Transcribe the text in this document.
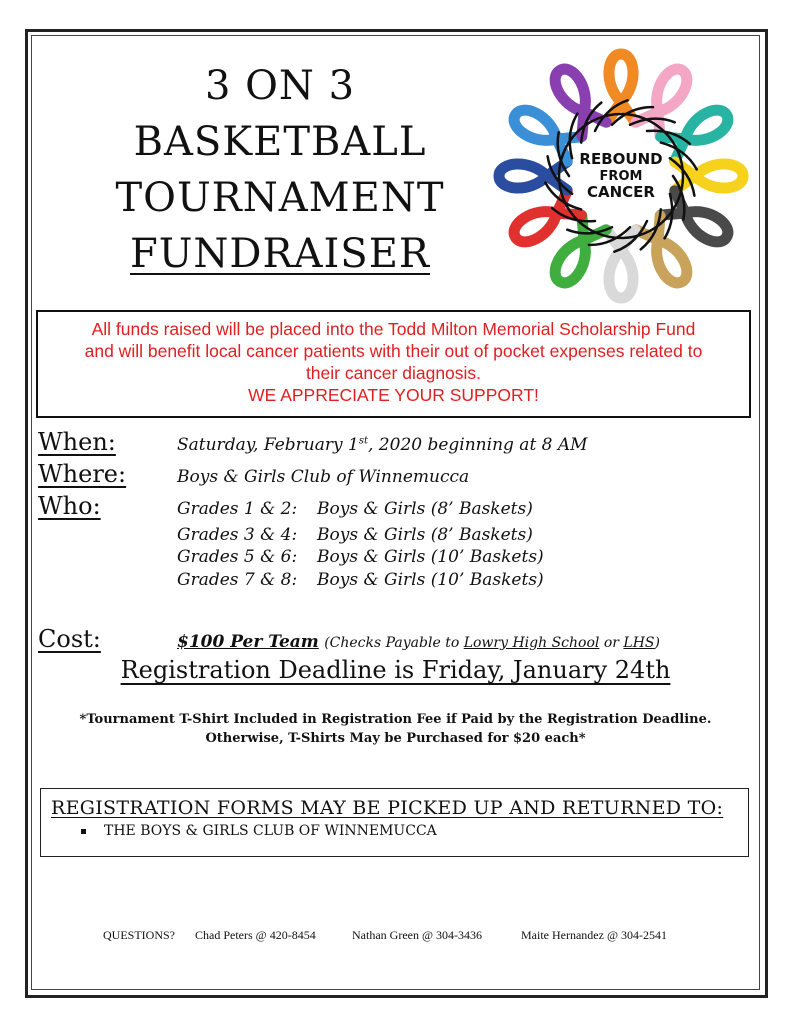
3 ON 3
BASKETBALL
TOURNAMENT
FUNDRAISER
REBOUND
FROM
CANCER
All funds raised will be placed into the Todd Milton Memorial Scholarship Fund
and will benefit local cancer patients with their out of pocket expenses related to
their cancer diagnosis.
WE APPRECIATE YOUR SUPPORT!
When:	Saturday, February 1st, 2020 beginning at 8 AM
Where:	Boys & Girls Club of Winnemucca
Who:	Grades 1 & 2: Boys & Girls (8’ Baskets)
Grades 3 & 4: Boys & Girls (8’ Baskets)
Grades 5 & 6: Boys & Girls (10’ Baskets)
Grades 7 & 8: Boys & Girls (10’ Baskets)
Cost:	$100 Per Team (Checks Payable to Lowry High School or LHS)
Registration Deadline is Friday, January 24th
*Tournament T-Shirt Included in Registration Fee if Paid by the Registration Deadline.
Otherwise, T-Shirts May be Purchased for $20 each*
REGISTRATION FORMS MAY BE PICKED UP AND RETURNED TO:
THE BOYS & GIRLS CLUB OF WINNEMUCCA
QUESTIONS? Chad Peters @ 420-8454	Nathan Green @ 304-3436	Maite Hernandez @ 304-2541
